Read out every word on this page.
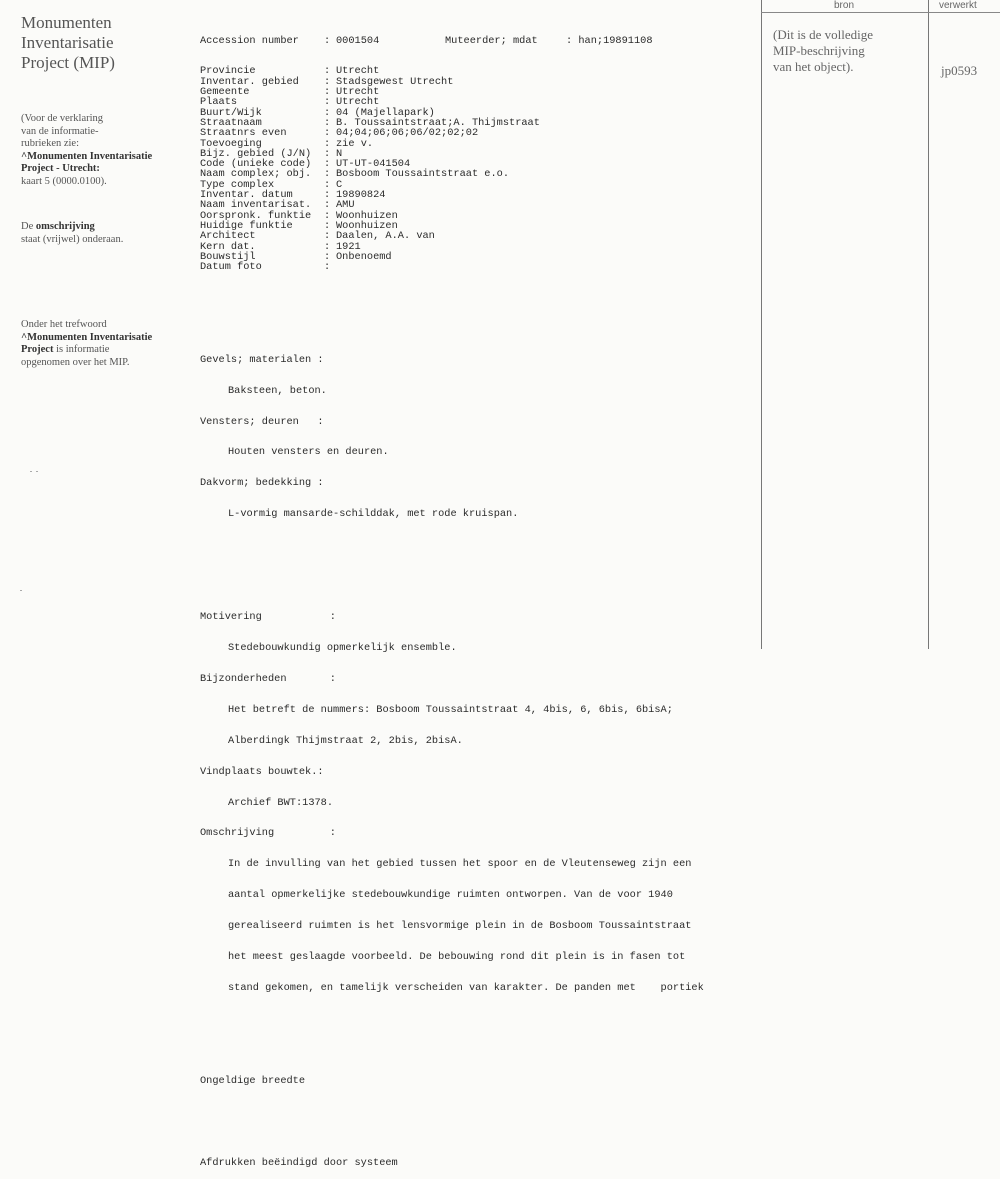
Monumenten
Inventarisatie
Project (MIP)
(Voor de verklaring
van de informatie-
rubrieken zie:
^Monumenten Inventarisatie
Project - Utrecht:
kaart 5 (0000.0100).
De omschrijving
staat (vrijwel) onderaan.
Onder het trefwoord
^Monumenten Inventarisatie
Project is informatie
opgenomen over het MIP.

Accession number	: 0001504	Muteerder; mdat	: han;19891108

Provincie	: Utrecht
Inventar. gebied	: Stadsgewest Utrecht
Gemeente	: Utrecht
Plaats	: Utrecht
Buurt/Wijk	: 04 (Majellapark)
Straatnaam	: B. Toussaintstraat;A. Thijmstraat
Straatnrs even	: 04;04;06;06;06/02;02;02
Toevoeging	: zie v.
Bijz. gebied (J/N)	: N
Code (unieke code)	: UT-UT-041504
Naam complex; obj.	: Bosboom Toussaintstraat e.o.
Type complex	: C
Inventar. datum	: 19890824
Naam inventarisat.	: AMU
Oorspronk. funktie	: Woonhuizen
Huidige funktie	: Woonhuizen
Architect	: Daalen, A.A. van
Kern dat.	: 1921
Bouwstijl	: Onbenoemd
Datum foto	:

Gevels; materialen :

Baksteen, beton.

Vensters; deuren   :

Houten vensters en deuren.

Dakvorm; bedekking :

L-vormig mansarde-schilddak, met rode kruispan.

Motivering           :

Stedebouwkundig opmerkelijk ensemble.

Bijzonderheden       :

Het betreft de nummers: Bosboom Toussaintstraat 4, 4bis, 6, 6bis, 6bisA;

Alberdingk Thijmstraat 2, 2bis, 2bisA.

Vindplaats bouwtek.:

Archief BWT:1378.

Omschrijving         :

In de invulling van het gebied tussen het spoor en de Vleutenseweg zijn een

aantal opmerkelijke stedebouwkundige ruimten ontworpen. Van de voor 1940

gerealiseerd ruimten is het lensvormige plein in de Bosboom Toussaintstraat

het meest geslaagde voorbeeld. De bebouwing rond dit plein is in fasen tot

stand gekomen, en tamelijk verscheiden van karakter. De panden met    portiek

Ongeldige breedte

Afdrukken beëindigd door systeem

bron	verwerkt
(Dit is de volledige
MIP-beschrijving
van het object).	jp0593
